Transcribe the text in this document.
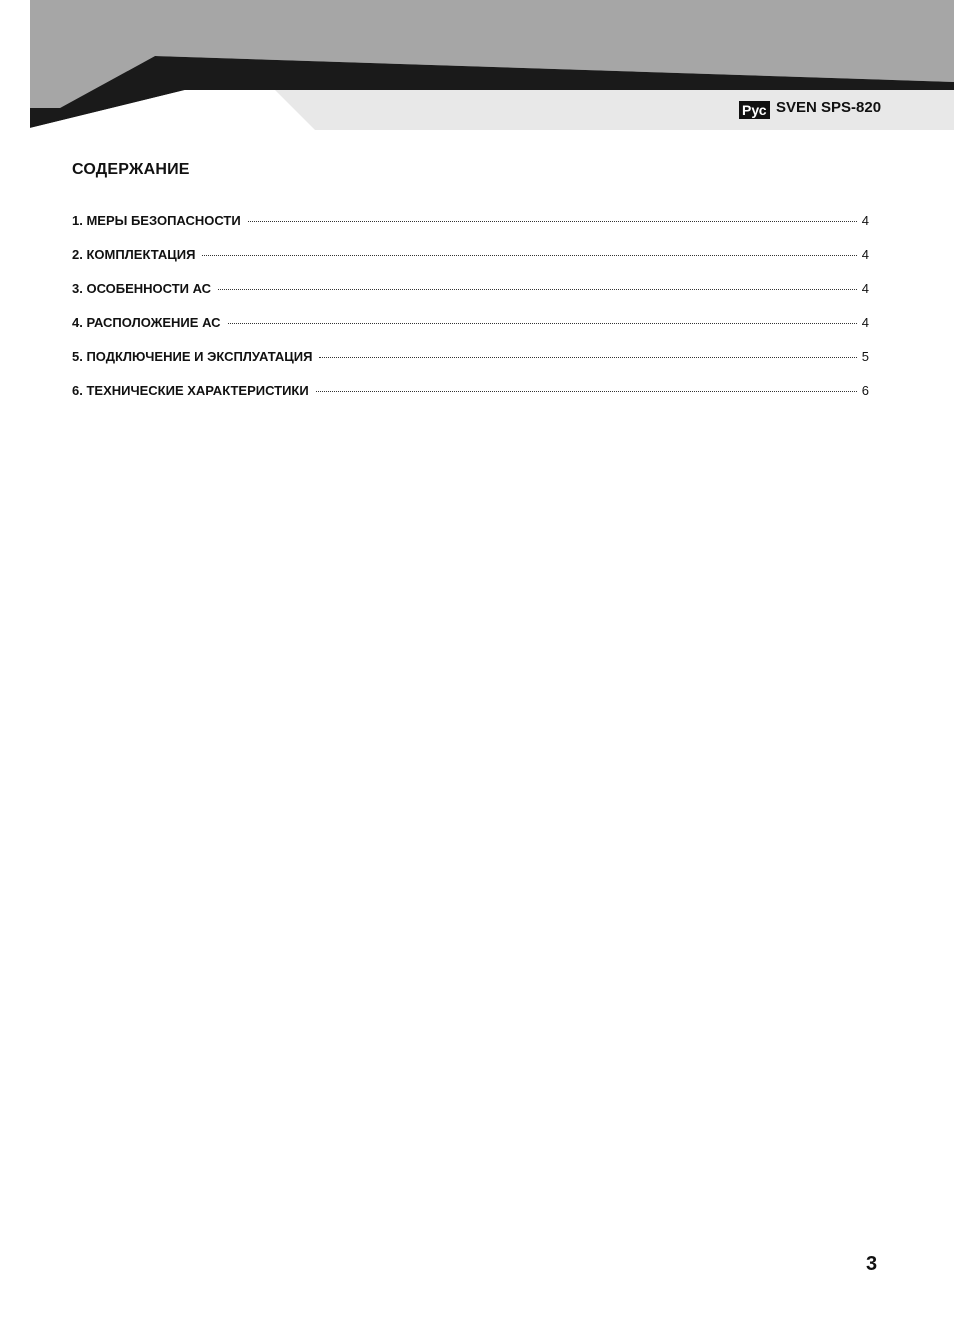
Рус SVEN SPS-820
СОДЕРЖАНИЕ
1. МЕРЫ БЕЗОПАСНОСТИ	4
2. КОМПЛЕКТАЦИЯ	4
3. ОСОБЕННОСТИ АС	4
4. РАСПОЛОЖЕНИЕ АС	4
5. ПОДКЛЮЧЕНИЕ И ЭКСПЛУАТАЦИЯ	5
6. ТЕХНИЧЕСКИЕ ХАРАКТЕРИСТИКИ	6
3
